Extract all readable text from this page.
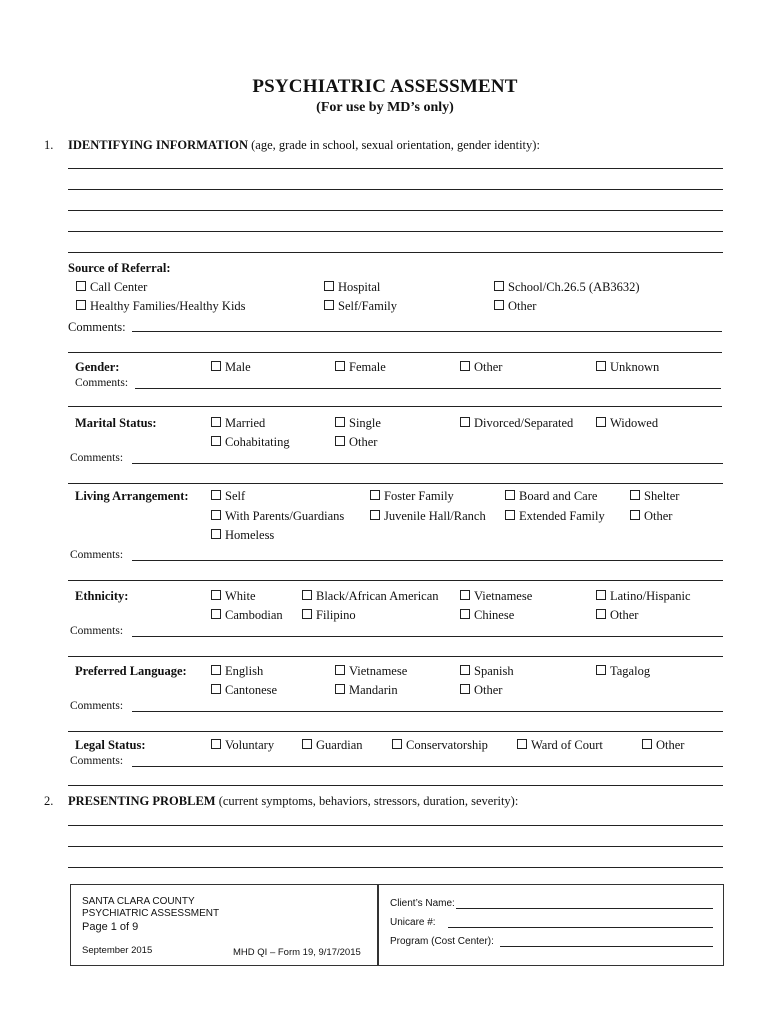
PSYCHIATRIC ASSESSMENT
(For use by MD’s only)
1. IDENTIFYING INFORMATION (age, grade in school, sexual orientation, gender identity):
Source of Referral:
Call Center	Hospital	School/Ch.26.5 (AB3632)
Healthy Families/Healthy Kids	Self/Family	Other
Comments:
Gender:	Male	Female	Other	Unknown
Comments:
Marital Status:	Married	Single	Divorced/Separated	Widowed
Cohabitating	Other
Comments:
Living Arrangement:	Self	Foster Family	Board and Care	Shelter
With Parents/Guardians	Juvenile Hall/Ranch	Extended Family	Other
Homeless
Comments:
Ethnicity:	White	Black/African American	Vietnamese	Latino/Hispanic
Cambodian	Filipino	Chinese	Other
Comments:
Preferred Language:	English	Vietnamese	Spanish	Tagalog
Cantonese	Mandarin	Other
Comments:
Legal Status:	Voluntary	Guardian	Conservatorship	Ward of Court	Other
Comments:
2. PRESENTING PROBLEM (current symptoms, behaviors, stressors, duration, severity):
SANTA CLARA COUNTY
PSYCHIATRIC ASSESSMENT
Page 1 of 9
September 2015	MHD QI – Form 19, 9/17/2015
Client’s Name:
Unicare #:
Program (Cost Center):
